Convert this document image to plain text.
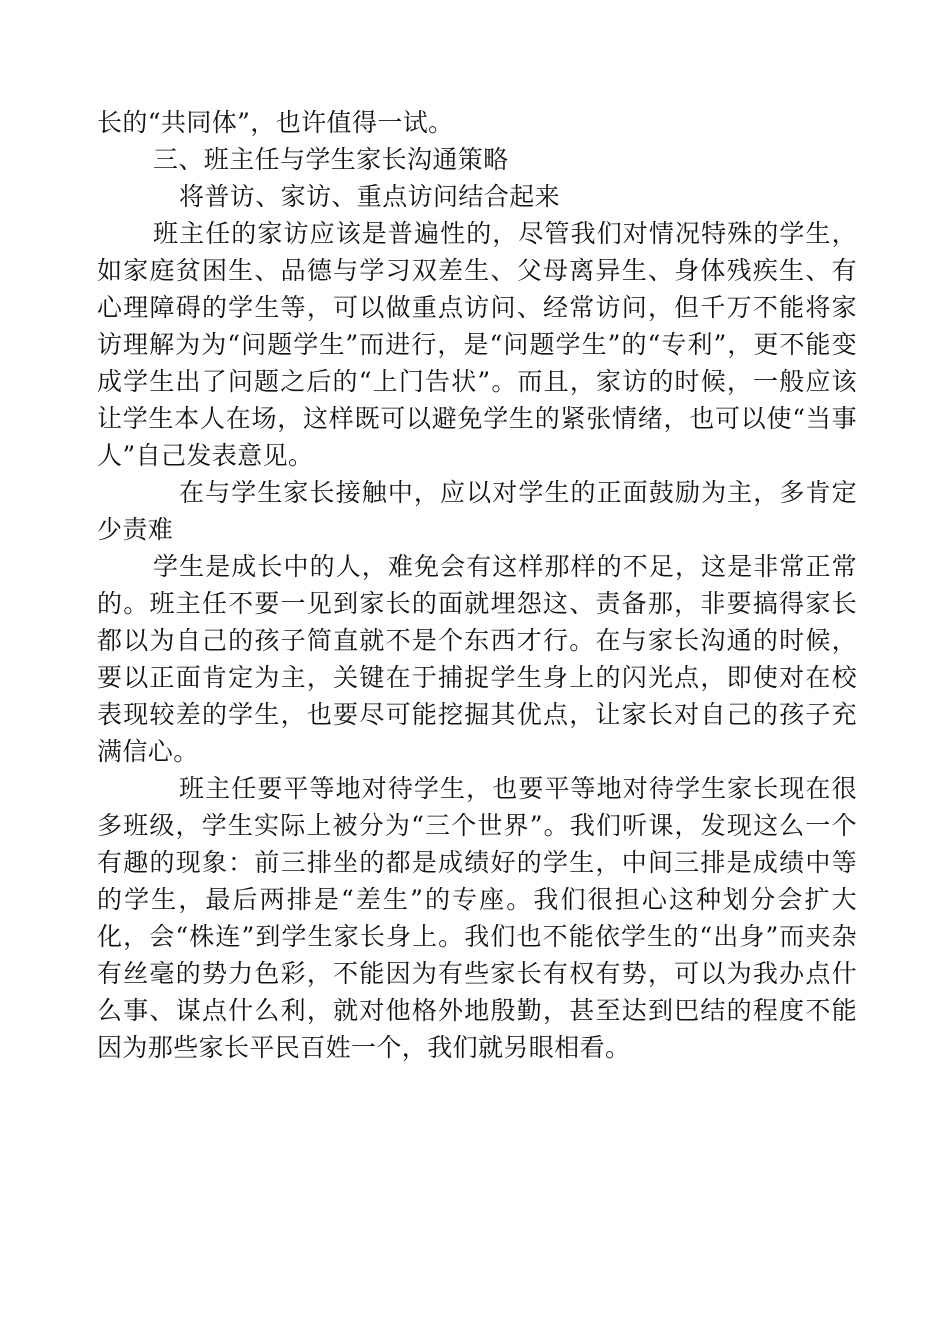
长的“共同体”，也许值得一试。

三、班主任与学生家长沟通策略

将普访、家访、重点访问结合起来

班主任的家访应该是普遍性的，尽管我们对情况特殊的学生，如家庭贫困生、品德与学习双差生、父母离异生、身体残疾生、有心理障碍的学生等，可以做重点访问、经常访问，但千万不能将家访理解为为“问题学生”而进行，是“问题学生”的“专利”，更不能变成学生出了问题之后的“上门告状”。而且，家访的时候，一般应该让学生本人在场，这样既可以避免学生的紧张情绪，也可以使“当事人”自己发表意见。

在与学生家长接触中，应以对学生的正面鼓励为主，多肯定少责难

学生是成长中的人，难免会有这样那样的不足，这是非常正常的。班主任不要一见到家长的面就埋怨这、责备那，非要搞得家长都以为自己的孩子简直就不是个东西才行。在与家长沟通的时候，要以正面肯定为主，关键在于捕捉学生身上的闪光点，即使对在校表现较差的学生，也要尽可能挖掘其优点，让家长对自己的孩子充满信心。

班主任要平等地对待学生，也要平等地对待学生家长现在很多班级，学生实际上被分为“三个世界”。我们听课，发现这么一个有趣的现象：前三排坐的都是成绩好的学生，中间三排是成绩中等的学生，最后两排是“差生”的专座。我们很担心这种划分会扩大化，会“株连”到学生家长身上。我们也不能依学生的“出身”而夹杂有丝毫的势力色彩，不能因为有些家长有权有势，可以为我办点什么事、谋点什么利，就对他格外地殷勤，甚至达到巴结的程度不能因为那些家长平民百姓一个，我们就另眼相看。
